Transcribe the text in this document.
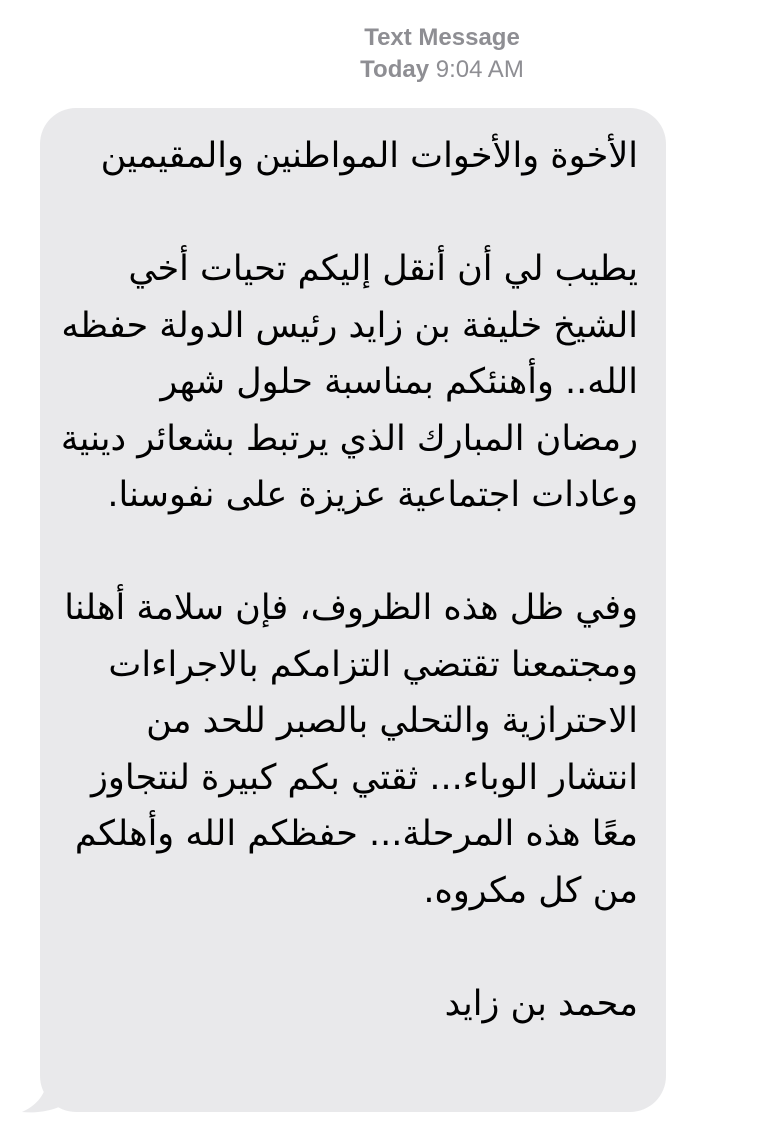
Text Message
Today 9:04 AM

الأخوة والأخوات المواطنين والمقيمين

يطيب لي أن أنقل إليكم تحيات أخي الشيخ خليفة بن زايد رئيس الدولة حفظه الله.. وأهنئكم بمناسبة حلول شهر رمضان المبارك الذي يرتبط بشعائر دينية وعادات اجتماعية عزيزة على نفوسنا.

وفي ظل هذه الظروف، فإن سلامة أهلنا ومجتمعنا تقتضي التزامكم بالاجراءات الاحترازية والتحلي بالصبر للحد من انتشار الوباء... ثقتي بكم كبيرة لنتجاوز معًا هذه المرحلة... حفظكم الله وأهلكم من كل مكروه.

محمد بن زايد
